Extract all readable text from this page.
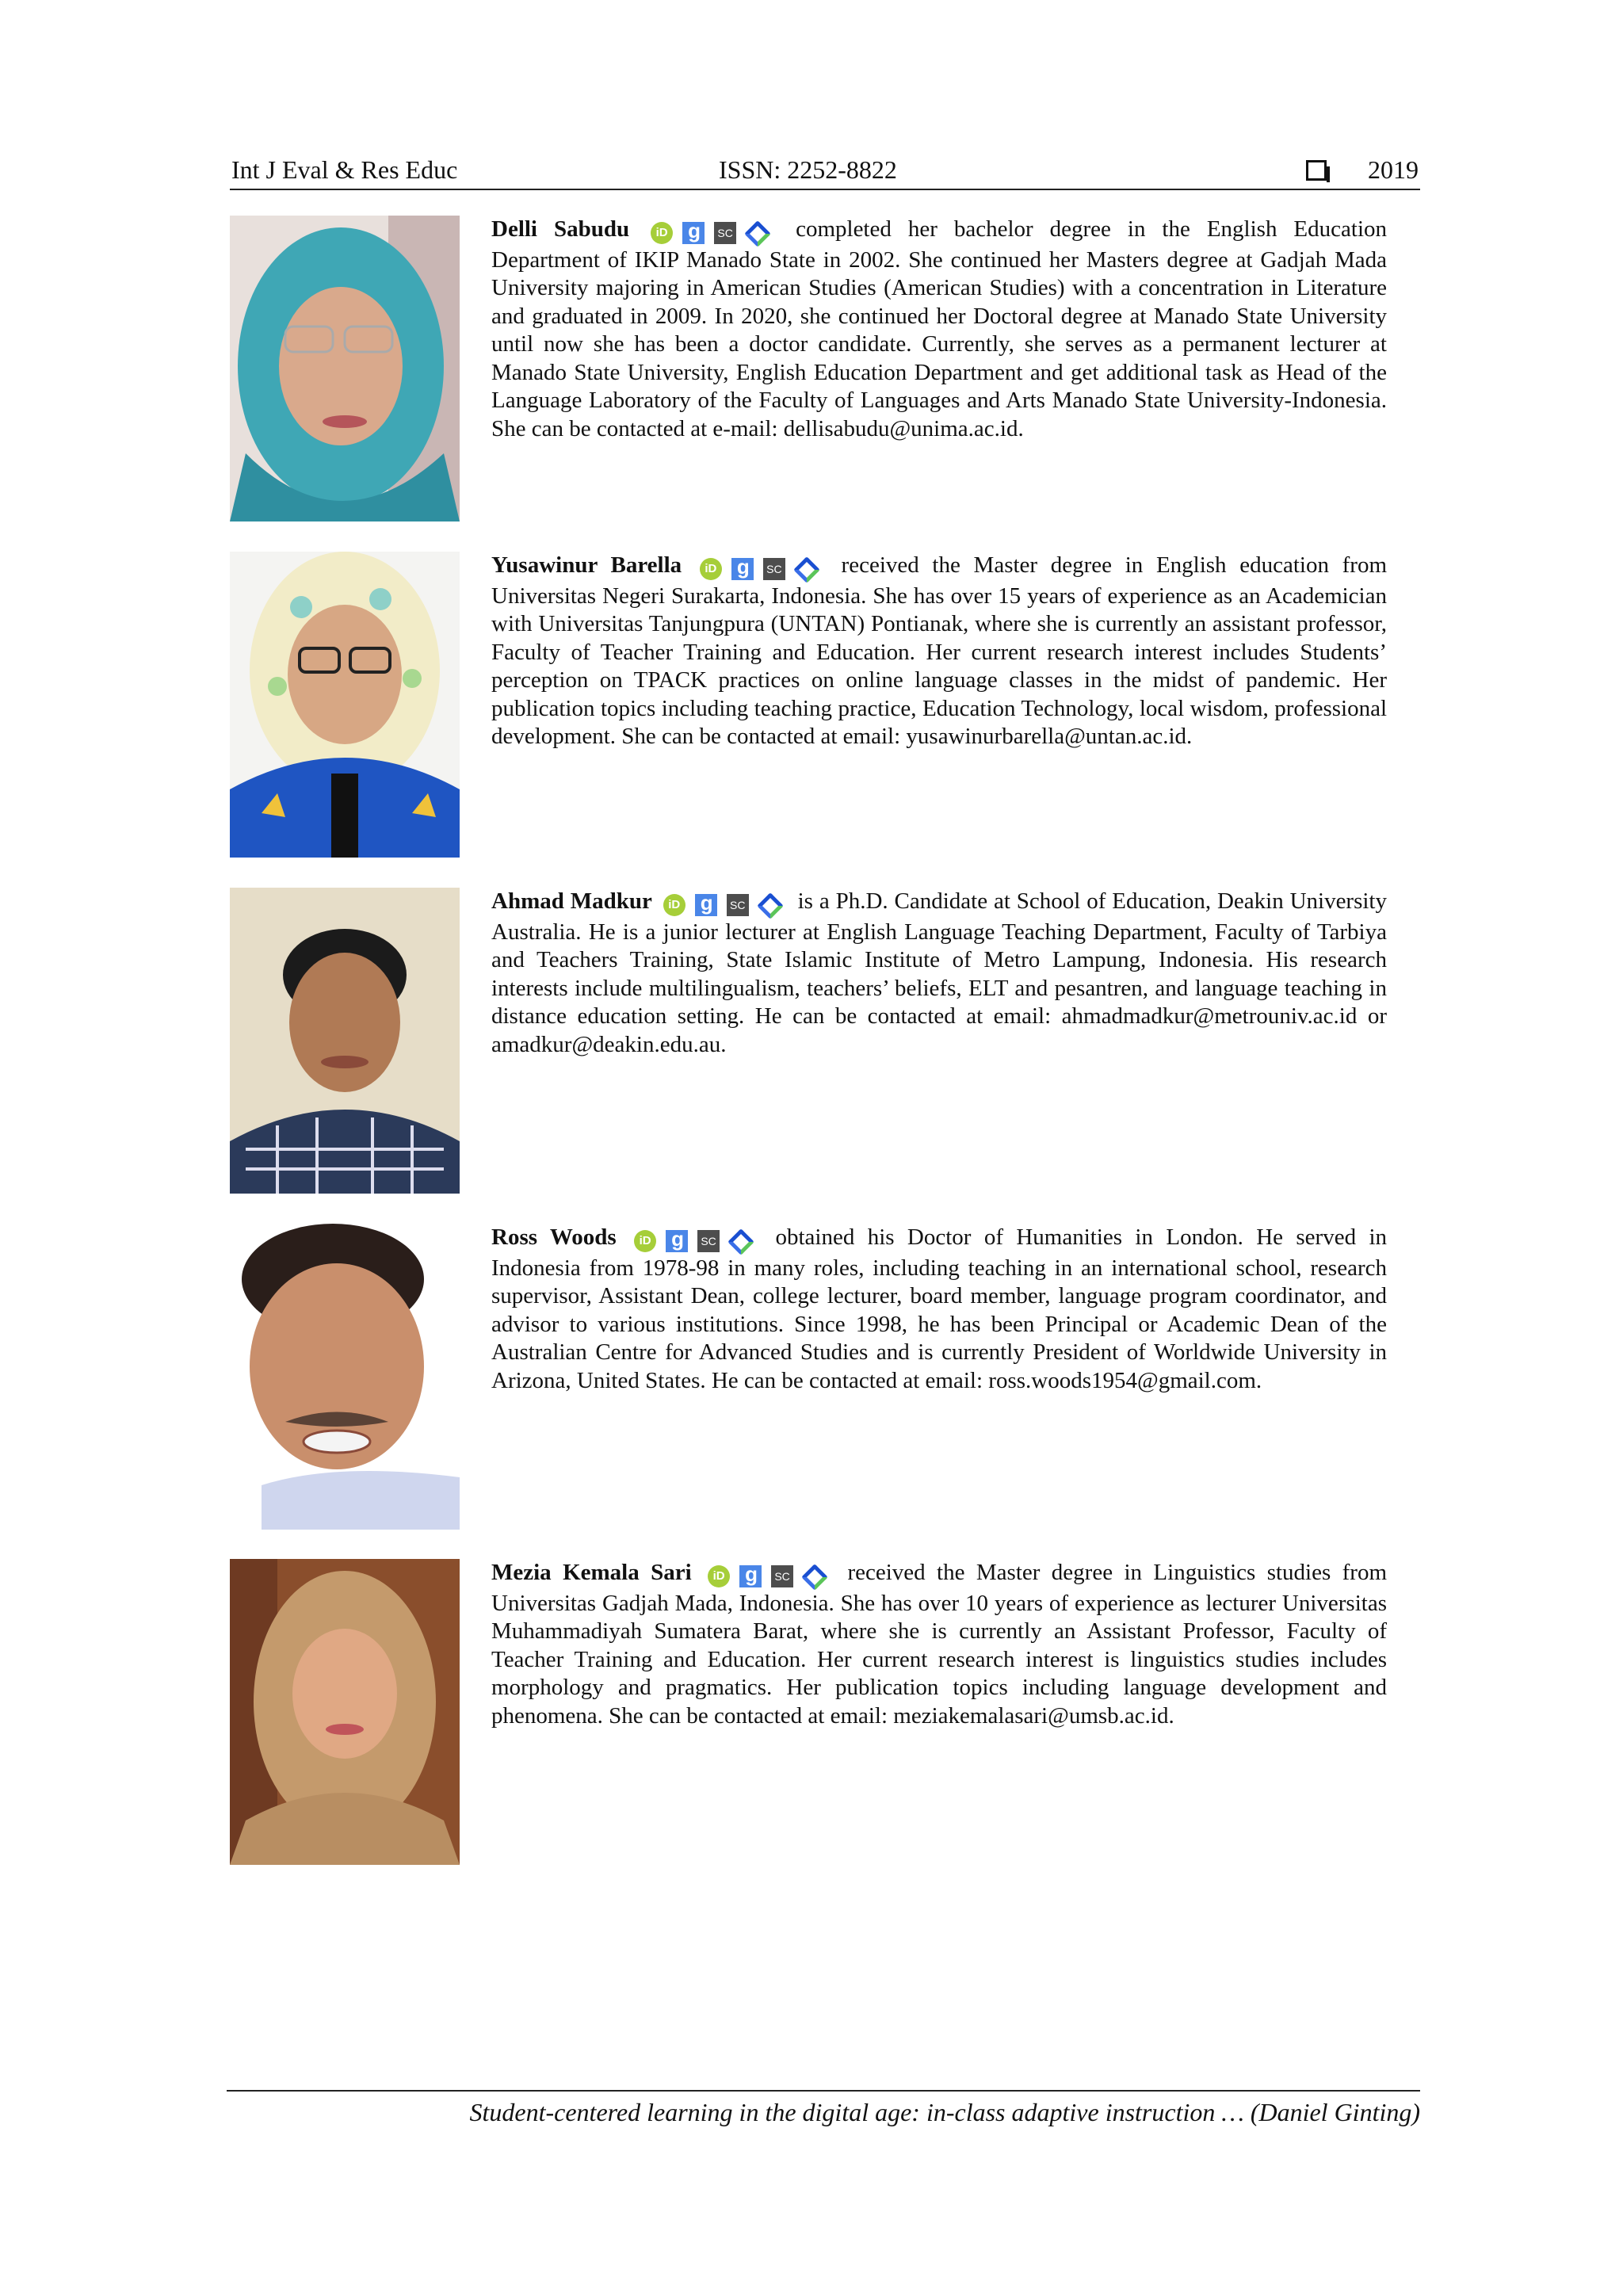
Int J Eval & Res Educ	ISSN: 2252-8822	2019
Delli Sabudu iD g	SC	completed her bachelor degree in the English Education Department of IKIP Manado State in 2002. She continued her Masters degree at Gadjah Mada University majoring in American Studies (American Studies) with a concentration in Literature and graduated in 2009. In 2020, she continued her Doctoral degree at Manado State University until now she has been a doctor candidate. Currently, she serves as a permanent lecturer at Manado State University, English Education Department and get additional task as Head of the Language Laboratory of the Faculty of Languages and Arts Manado State University-Indonesia. She can be contacted at e-mail: dellisabudu@unima.ac.id.
Yusawinur Barella iD g	SC	received the Master degree in English education from Universitas Negeri Surakarta, Indonesia. She has over 15 years of experience as an Academician with Universitas Tanjungpura (UNTAN) Pontianak, where she is currently an assistant professor, Faculty of Teacher Training and Education. Her current research interest includes Students’ perception on TPACK practices on online language classes in the midst of pandemic. Her publication topics including teaching practice, Education Technology, local wisdom, professional development. She can be contacted at email: yusawinurbarella@untan.ac.id.
Ahmad Madkur iD g	SC is a Ph.D. Candidate at School of Education, Deakin University Australia. He is a junior lecturer at English Language Teaching Department, Faculty of Tarbiya and Teachers Training, State Islamic Institute of Metro Lampung, Indonesia. His research interests include multilingualism, teachers’ beliefs, ELT and pesantren, and language teaching in distance education setting. He can be contacted at email: ahmadmadkur@metrouniv.ac.id or amadkur@deakin.edu.au.
Ross Woods iD g	SC	obtained his Doctor of Humanities in London. He served in Indonesia from 1978-98 in many roles, including teaching in an international school, research supervisor, Assistant Dean, college lecturer, board member, language program coordinator, and advisor to various institutions. Since 1998, he has been Principal or Academic Dean of the Australian Centre for Advanced Studies and is currently President of Worldwide University in Arizona, United States. He can be contacted at email: ross.woods1954@gmail.com.
Mezia Kemala Sari iD g	SC	received the Master degree in Linguistics studies from Universitas Gadjah Mada, Indonesia. She has over 10 years of experience as lecturer Universitas Muhammadiyah Sumatera Barat, where she is currently an Assistant Professor, Faculty of Teacher Training and Education. Her current research interest is linguistics studies includes morphology and pragmatics. Her publication topics including language development and phenomena. She can be contacted at email: meziakemalasari@umsb.ac.id.
Student-centered learning in the digital age: in-class adaptive instruction … (Daniel Ginting)
